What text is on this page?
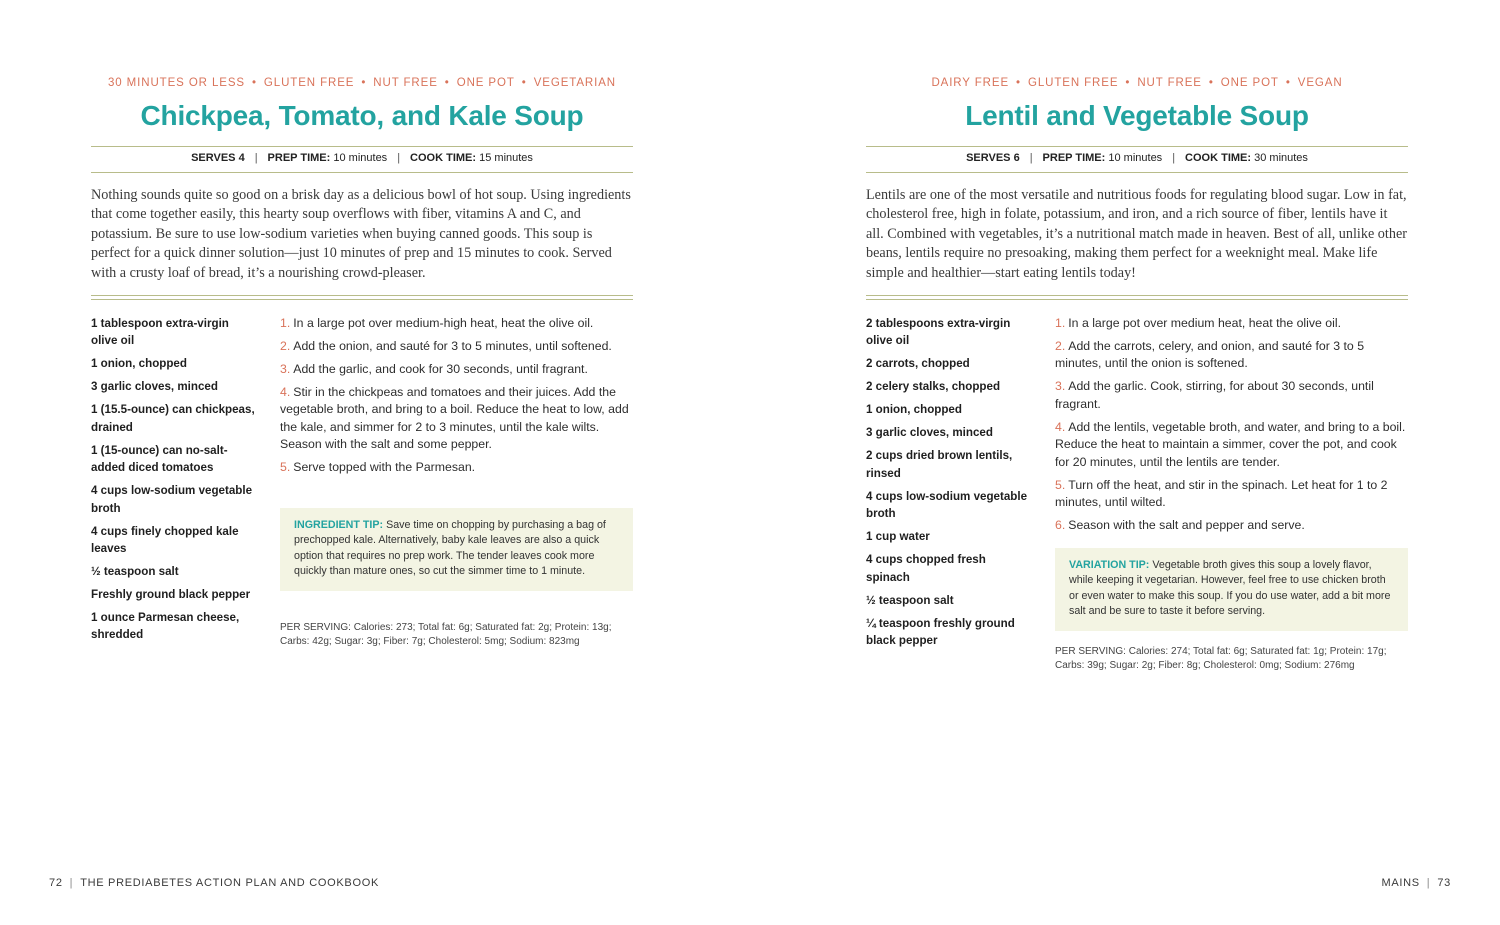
30 MINUTES OR LESS • GLUTEN FREE • NUT FREE • ONE POT • VEGETARIAN
Chickpea, Tomato, and Kale Soup
SERVES 4 | PREP TIME: 10 minutes | COOK TIME: 15 minutes

Nothing sounds quite so good on a brisk day as a delicious bowl of hot soup. Using ingredients that come together easily, this hearty soup overflows with fiber, vitamins A and C, and potassium. Be sure to use low-sodium varieties when buying canned goods. This soup is perfect for a quick dinner solution—just 10 minutes of prep and 15 minutes to cook. Served with a crusty loaf of bread, it’s a nourishing crowd-pleaser.

1 tablespoon extra-virgin olive oil
1 onion, chopped
3 garlic cloves, minced
1 (15.5-ounce) can chickpeas, drained
1 (15-ounce) can no-salt-added diced tomatoes
4 cups low-sodium vegetable broth
4 cups finely chopped kale leaves
½ teaspoon salt
Freshly ground black pepper
1 ounce Parmesan cheese, shredded
1. In a large pot over medium-high heat, heat the olive oil.
2. Add the onion, and sauté for 3 to 5 minutes, until softened.
3. Add the garlic, and cook for 30 seconds, until fragrant.
4. Stir in the chickpeas and tomatoes and their juices. Add the vegetable broth, and bring to a boil. Reduce the heat to low, add the kale, and simmer for 2 to 3 minutes, until the kale wilts. Season with the salt and some pepper.
5. Serve topped with the Parmesan.
INGREDIENT TIP: Save time on chopping by purchasing a bag of prechopped kale. Alternatively, baby kale leaves are also a quick option that requires no prep work. The tender leaves cook more quickly than mature ones, so cut the simmer time to 1 minute.

PER SERVING: Calories: 273; Total fat: 6g; Saturated fat: 2g; Protein: 13g; Carbs: 42g; Sugar: 3g; Fiber: 7g; Cholesterol: 5mg; Sodium: 823mg

72 | THE PREDIABETES ACTION PLAN AND COOKBOOK
DAIRY FREE • GLUTEN FREE • NUT FREE • ONE POT • VEGAN
Lentil and Vegetable Soup
SERVES 6 | PREP TIME: 10 minutes | COOK TIME: 30 minutes

Lentils are one of the most versatile and nutritious foods for regulating blood sugar. Low in fat, cholesterol free, high in folate, potassium, and iron, and a rich source of fiber, lentils have it all. Combined with vegetables, it’s a nutritional match made in heaven. Best of all, unlike other beans, lentils require no presoaking, making them perfect for a weeknight meal. Make life simple and healthier—start eating lentils today!

2 tablespoons extra-virgin olive oil
2 carrots, chopped
2 celery stalks, chopped
1 onion, chopped
3 garlic cloves, minced
2 cups dried brown lentils, rinsed
4 cups low-sodium vegetable broth
1 cup water
4 cups chopped fresh spinach
½ teaspoon salt
¼ teaspoon freshly ground black pepper
1. In a large pot over medium heat, heat the olive oil.
2. Add the carrots, celery, and onion, and sauté for 3 to 5 minutes, until the onion is softened.
3. Add the garlic. Cook, stirring, for about 30 seconds, until fragrant.
4. Add the lentils, vegetable broth, and water, and bring to a boil. Reduce the heat to maintain a simmer, cover the pot, and cook for 20 minutes, until the lentils are tender.
5. Turn off the heat, and stir in the spinach. Let heat for 1 to 2 minutes, until wilted.
6. Season with the salt and pepper and serve.
VARIATION TIP: Vegetable broth gives this soup a lovely flavor, while keeping it vegetarian. However, feel free to use chicken broth or even water to make this soup. If you do use water, add a bit more salt and be sure to taste it before serving.

PER SERVING: Calories: 274; Total fat: 6g; Saturated fat: 1g; Protein: 17g; Carbs: 39g; Sugar: 2g; Fiber: 8g; Cholesterol: 0mg; Sodium: 276mg

MAINS | 73
